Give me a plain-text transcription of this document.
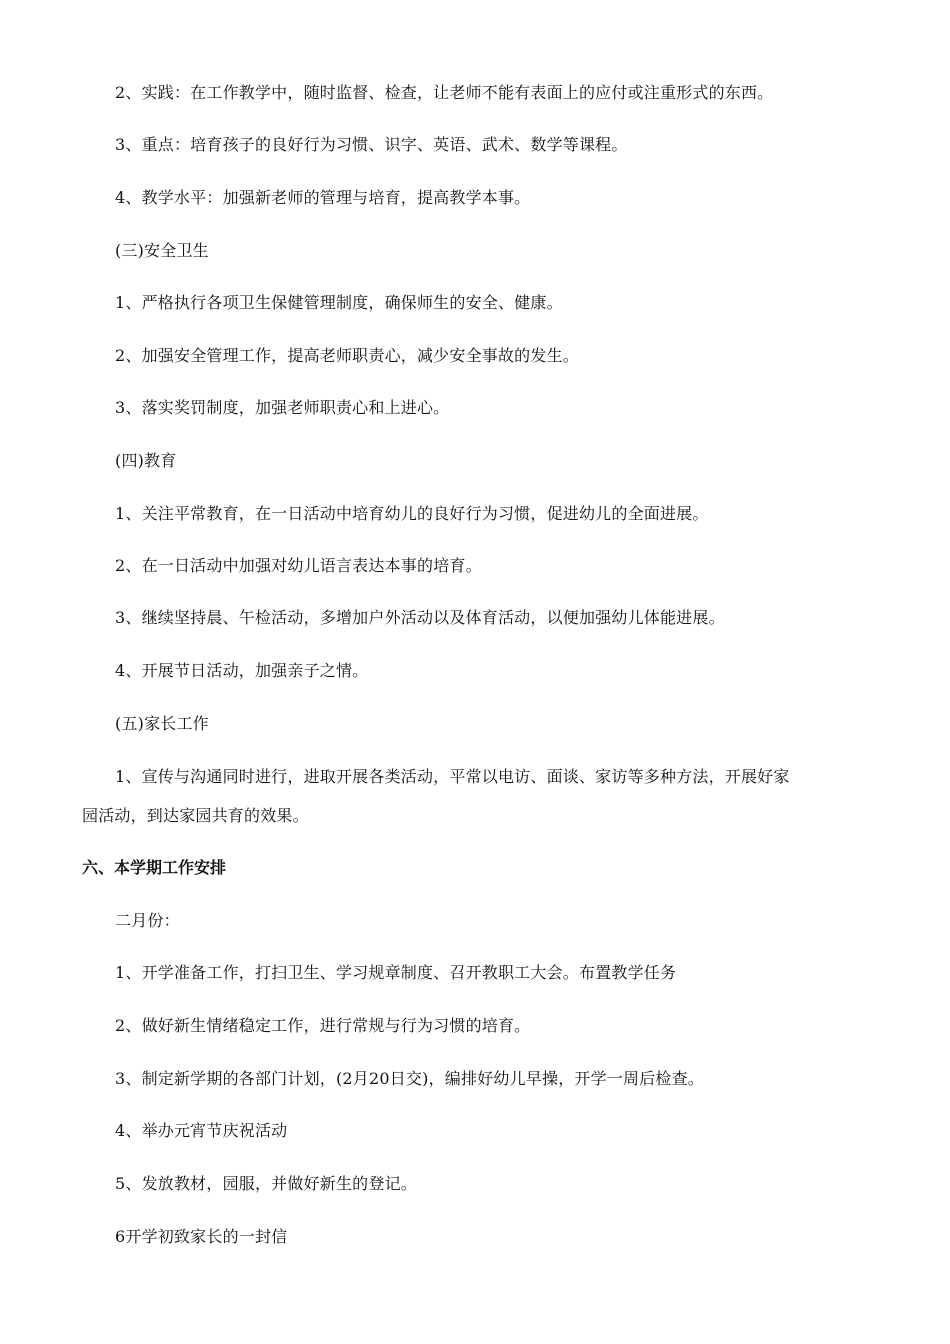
2、实践：在工作教学中，随时监督、检查，让老师不能有表面上的应付或注重形式的东西。
3、重点：培育孩子的良好行为习惯、识字、英语、武术、数学等课程。
4、教学水平：加强新老师的管理与培育，提高教学本事。
(三)安全卫生
1、严格执行各项卫生保健管理制度，确保师生的安全、健康。
2、加强安全管理工作，提高老师职责心，减少安全事故的发生。
3、落实奖罚制度，加强老师职责心和上进心。
(四)教育
1、关注平常教育，在一日活动中培育幼儿的良好行为习惯，促进幼儿的全面进展。
2、在一日活动中加强对幼儿语言表达本事的培育。
3、继续坚持晨、午检活动，多增加户外活动以及体育活动，以便加强幼儿体能进展。
4、开展节日活动，加强亲子之情。
(五)家长工作
1、宣传与沟通同时进行，进取开展各类活动，平常以电访、面谈、家访等多种方法，开展好家
园活动，到达家园共育的效果。
六、本学期工作安排
二月份：
1、开学准备工作，打扫卫生、学习规章制度、召开教职工大会。布置教学任务
2、做好新生情绪稳定工作，进行常规与行为习惯的培育。
3、制定新学期的各部门计划，(2月20日交)，编排好幼儿早操，开学一周后检查。
4、举办元宵节庆祝活动
5、发放教材，园服，并做好新生的登记。
6开学初致家长的一封信
